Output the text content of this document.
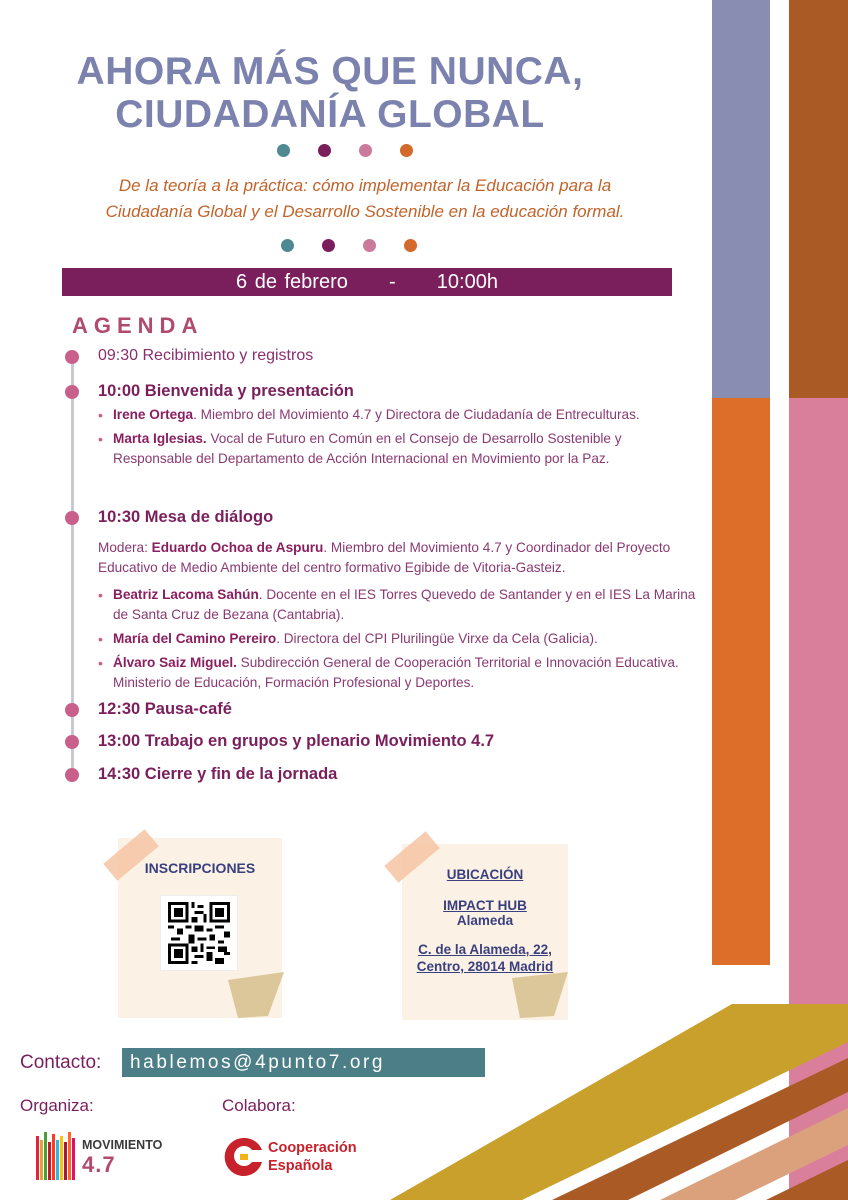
AHORA MÁS QUE NUNCA,
CIUDADANÍA GLOBAL
De la teoría a la práctica: cómo implementar la Educación para la
Ciudadanía Global y el Desarrollo Sostenible en la educación formal.
6 de febrero - 10:00h
AGENDA
09:30 Recibimiento y registros
10:00 Bienvenida y presentación
• Irene Ortega. Miembro del Movimiento 4.7 y Directora de Ciudadanía de Entreculturas.
• Marta Iglesias. Vocal de Futuro en Común en el Consejo de Desarrollo Sostenible y Responsable del Departamento de Acción Internacional en Movimiento por la Paz.
10:30 Mesa de diálogo
Modera: Eduardo Ochoa de Aspuru. Miembro del Movimiento 4.7 y Coordinador del Proyecto Educativo de Medio Ambiente del centro formativo Egibide de Vitoria-Gasteiz.
• Beatriz Lacoma Sahún. Docente en el IES Torres Quevedo de Santander y en el IES La Marina de Santa Cruz de Bezana (Cantabria).
• María del Camino Pereiro. Directora del CPI Plurilingüe Virxe da Cela (Galicia).
• Álvaro Saiz Miguel. Subdirección General de Cooperación Territorial e Innovación Educativa. Ministerio de Educación, Formación Profesional y Deportes.
12:30 Pausa-café
13:00 Trabajo en grupos y plenario Movimiento 4.7
14:30 Cierre y fin de la jornada
INSCRIPCIONES	UBICACIÓN
IMPACT HUB
Alameda
C. de la Alameda, 22,
Centro, 28014 Madrid
Contacto:	hablemos@4punto7.org
Organiza:	Colabora:
MOVIMIENTO
4.7
Cooperación
Española
